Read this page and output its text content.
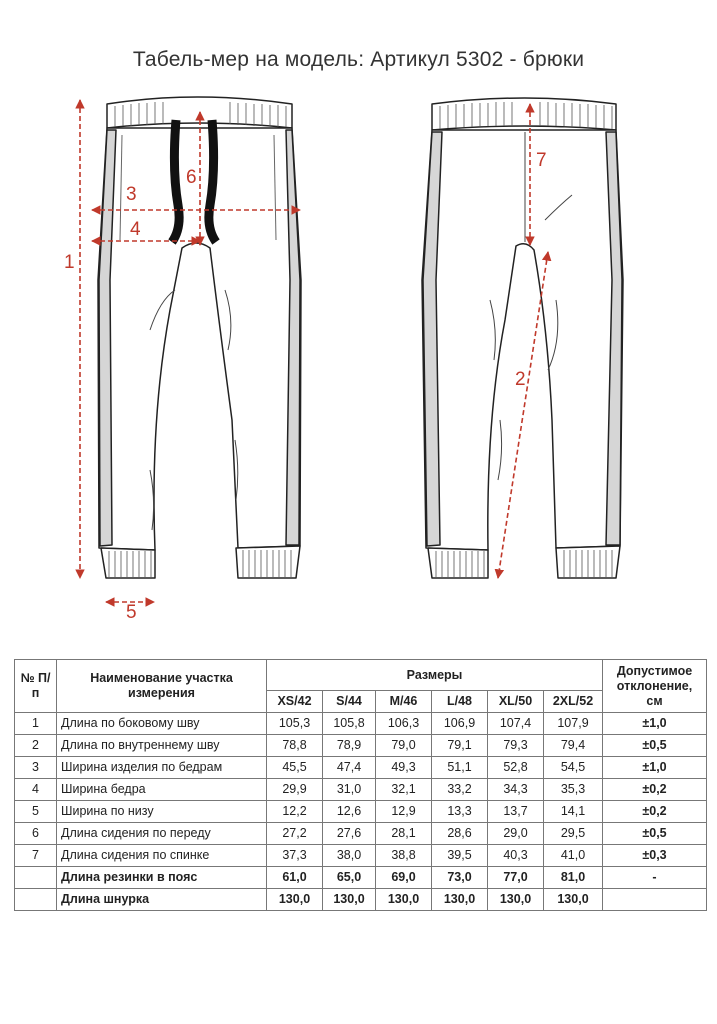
Табель-мер на модель: Артикул 5302 - брюки
1
3
4
5
6
7
2
№ П/п	Наименование участка измерения	Размеры						Допустимое отклонение, см
		XS/42	S/44	M/46	L/48	XL/50	2XL/52	
1	Длина по боковому шву	105,3	105,8	106,3	106,9	107,4	107,9	±1,0
2	Длина по внутреннему шву	78,8	78,9	79,0	79,1	79,3	79,4	±0,5
3	Ширина изделия по бедрам	45,5	47,4	49,3	51,1	52,8	54,5	±1,0
4	Ширина бедра	29,9	31,0	32,1	33,2	34,3	35,3	±0,2
5	Ширина по низу	12,2	12,6	12,9	13,3	13,7	14,1	±0,2
6	Длина сидения по переду	27,2	27,6	28,1	28,6	29,0	29,5	±0,5
7	Длина сидения по спинке	37,3	38,0	38,8	39,5	40,3	41,0	±0,3
	Длина резинки в пояс	61,0	65,0	69,0	73,0	77,0	81,0	-
	Длина шнурка	130,0	130,0	130,0	130,0	130,0	130,0	
